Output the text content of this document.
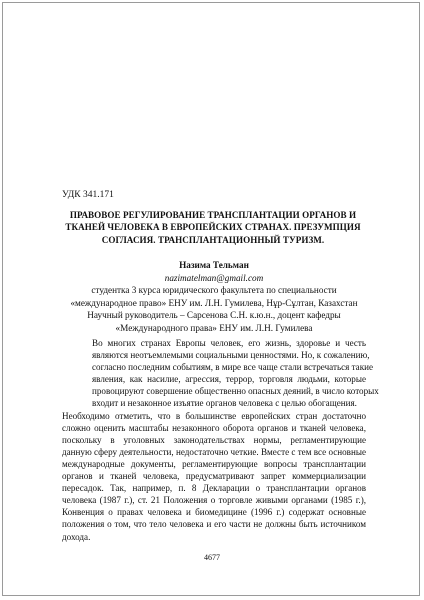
УДК 341.171
ПРАВОВОЕ РЕГУЛИРОВАНИЕ ТРАНСПЛАНТАЦИИ ОРГАНОВ И
ТКАНЕЙ ЧЕЛОВЕКА В ЕВРОПЕЙСКИХ СТРАНАХ. ПРЕЗУМПЦИЯ
СОГЛАСИЯ. ТРАНСПЛАНТАЦИОННЫЙ ТУРИЗМ.
Назима Тельман
nazimatelman@gmail.com
студентка 3 курса юридического факультета по специальности
«международное право» ЕНУ им. Л.Н. Гумилева, Нұр-Сұлтан, Казахстан
Научный руководитель – Сарсенова С.Н. к.ю.н., доцент кафедры
«Международного права» ЕНУ им. Л.Н. Гумилева

Во многих странах Европы человек, его жизнь, здоровье и честь
являются неотъемлемыми социальными ценностями. Но, к сожалению,
согласно последним событиям, в мире все чаще стали встречаться такие
явления, как насилие, агрессия, террор, торговля людьми, которые
провоцируют совершение общественно опасных деяний, в число которых
входит и незаконное изъятие органов человека с целью обогащения.

Необходимо отметить, что в большинстве европейских стран достаточно
сложно оценить масштабы незаконного оборота органов и тканей человека,
поскольку в уголовных законодательствах нормы, регламентирующие
данную сферу деятельности, недостаточно четкие. Вместе с тем все основные
международные документы, регламентирующие вопросы трансплантации
органов и тканей человека, предусматривают запрет коммерциализации
пересадок. Так, например, п. 8 Декларации о трансплантации органов
человека (1987 г.), ст. 21 Положения о торговле живыми органами (1985 г.),
Конвенция о правах человека и биомедицине (1996 г.) содержат основные
положения о том, что тело человека и его части не должны быть источником
дохода.

4677
